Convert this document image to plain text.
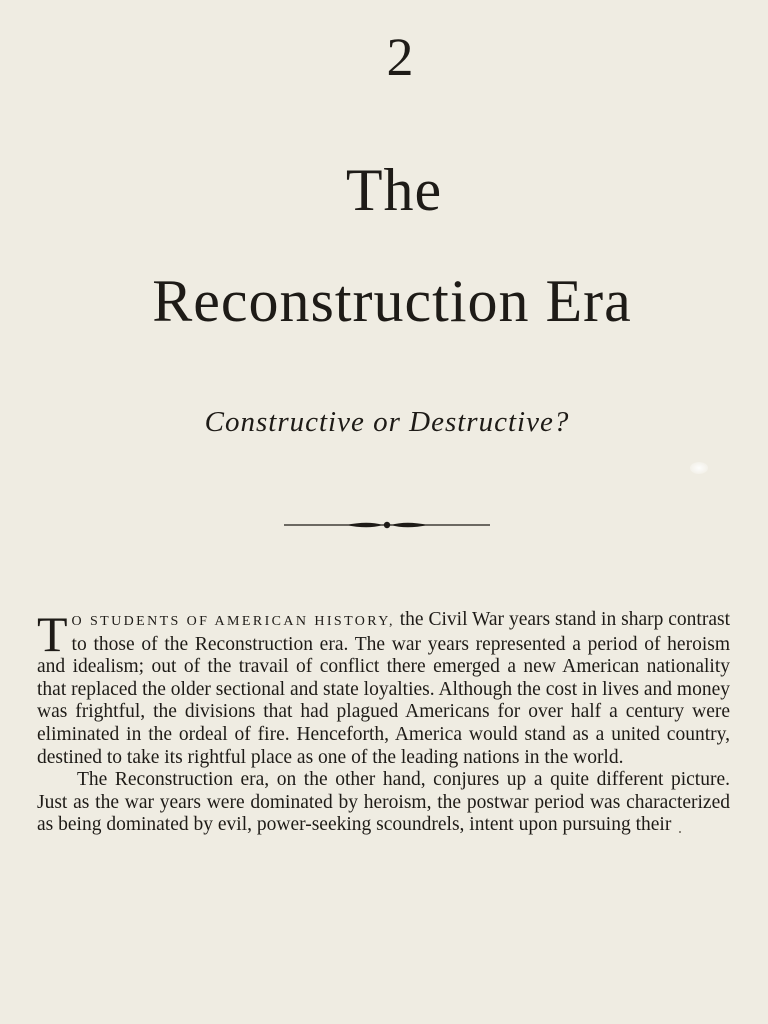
2
The
Reconstruction Era
Constructive or Destructive?

TO STUDENTS OF AMERICAN HISTORY, the Civil War years stand in sharp contrast to those of the Reconstruction era. The war years represented a period of heroism and idealism; out of the travail of conflict there emerged a new American nationality that replaced the older sectional and state loyalties. Although the cost in lives and money was frightful, the divisions that had plagued Americans for over half a century were eliminated in the ordeal of fire. Henceforth, America would stand as a united country, destined to take its rightful place as one of the leading nations in the world.

The Reconstruction era, on the other hand, conjures up a quite different picture. Just as the war years were dominated by heroism, the postwar period was characterized as being dominated by evil, power-seeking scoundrels, intent upon pursuing their
